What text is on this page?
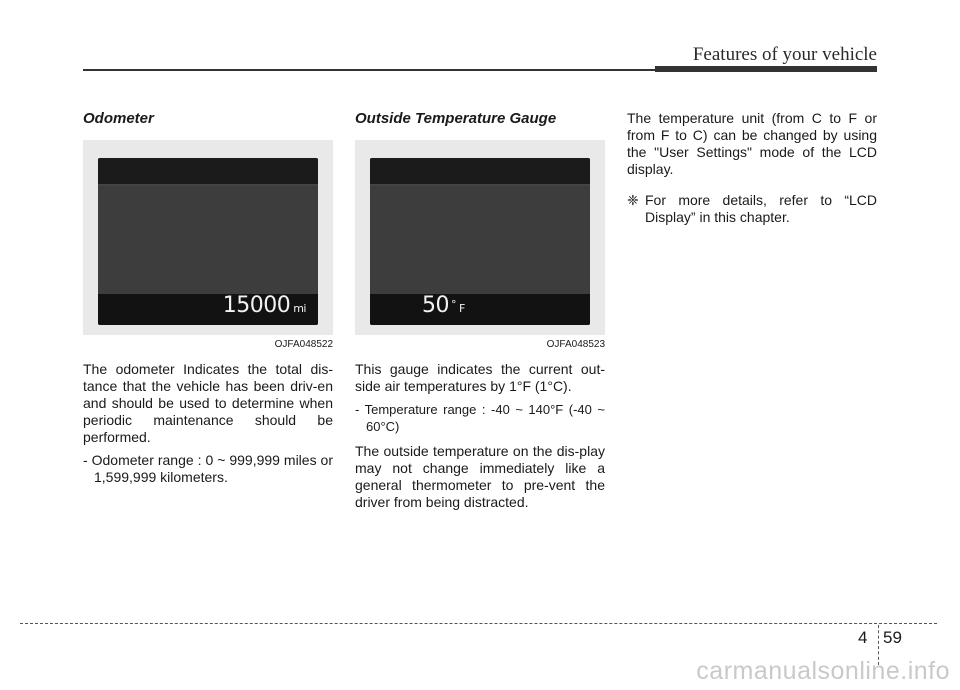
Features of your vehicle
Odometer
15000 mi
OJFA048522

The odometer Indicates the total dis-tance that the vehicle has been driv-en and should be used to determine when periodic maintenance should be performed.

- Odometer range : 0 ~ 999,999 miles or 1,599,999 kilometers.

Outside Temperature Gauge
50 ° F
OJFA048523

This gauge indicates the current out-side air temperatures by 1°F (1°C).

- Temperature range : -40 ~ 140°F (-40 ~ 60°C)

The outside temperature on the dis-play may not change immediately like a general thermometer to pre-vent the driver from being distracted.

The temperature unit (from C to F or from F to C) can be changed by using the "User Settings" mode of the LCD display.

❈ For more details, refer to “LCD Display” in this chapter.

4 59
carmanualsonline.info
